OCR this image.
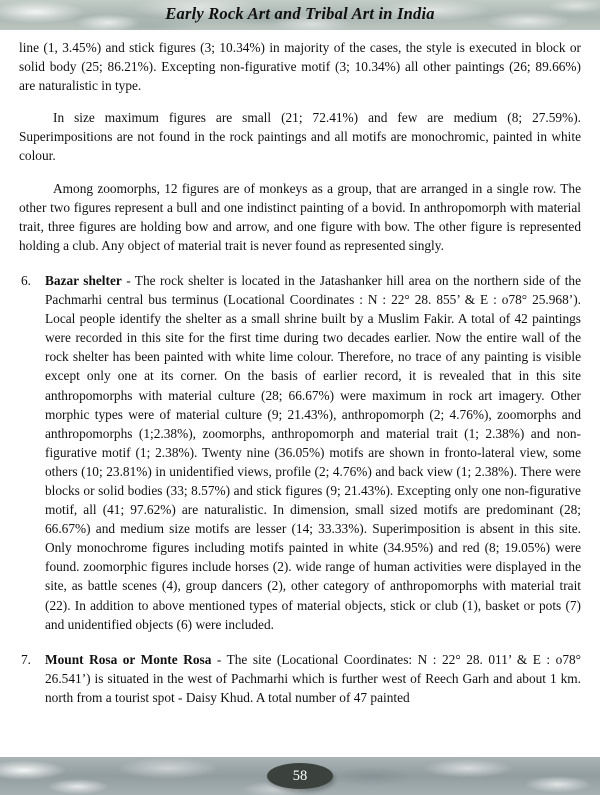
Early Rock Art and Tribal Art in India

line (1, 3.45%) and stick figures (3; 10.34%) in majority of the cases, the style is executed in block or solid body (25; 86.21%). Excepting non-figurative motif (3; 10.34%) all other paintings (26; 89.66%) are naturalistic in type.

In size maximum figures are small (21; 72.41%) and few are medium (8; 27.59%). Superimpositions are not found in the rock paintings and all motifs are monochromic, painted in white colour.

Among zoomorphs, 12 figures are of monkeys as a group, that are arranged in a single row. The other two figures represent a bull and one indistinct painting of a bovid. In anthropomorph with material trait, three figures are holding bow and arrow, and one figure with bow. The other figure is represented holding a club. Any object of material trait is never found as represented singly.

6.	Bazar shelter - The rock shelter is located in the Jatashanker hill area on the northern side of the Pachmarhi central bus terminus (Locational Coordinates : N : 22° 28. 855’ & E : o78° 25.968’). Local people identify the shelter as a small shrine built by a Muslim Fakir. A total of 42 paintings were recorded in this site for the first time during two decades earlier. Now the entire wall of the rock shelter has been painted with white lime colour. Therefore, no trace of any painting is visible except only one at its corner. On the basis of earlier record, it is revealed that in this site anthropomorphs with material culture (28; 66.67%) were maximum in rock art imagery. Other morphic types were of material culture (9; 21.43%), anthropomorph (2; 4.76%), zoomorphs and anthropomorphs (1;2.38%), zoomorphs, anthropomorph and material trait (1; 2.38%) and non-figurative motif (1; 2.38%). Twenty nine (36.05%) motifs are shown in fronto-lateral view, some others (10; 23.81%) in unidentified views, profile (2; 4.76%) and back view (1; 2.38%). There were blocks or solid bodies (33; 8.57%) and stick figures (9; 21.43%). Excepting only one non-figurative motif, all (41; 97.62%) are naturalistic. In dimension, small sized motifs are predominant (28; 66.67%) and medium size motifs are lesser (14; 33.33%). Superimposition is absent in this site. Only monochrome figures including motifs painted in white (34.95%) and red (8; 19.05%) were found. zoomorphic figures include horses (2). wide range of human activities were displayed in the site, as battle scenes (4), group dancers (2), other category of anthropomorphs with material trait (22). In addition to above mentioned types of material objects, stick or club (1), basket or pots (7) and unidentified objects (6) were included.
7.	Mount Rosa or Monte Rosa - The site (Locational Coordinates: N : 22° 28. 011’ & E : o78° 26.541’) is situated in the west of Pachmarhi which is further west of Reech Garh and about 1 km. north from a tourist spot - Daisy Khud. A total number of 47 painted
58
